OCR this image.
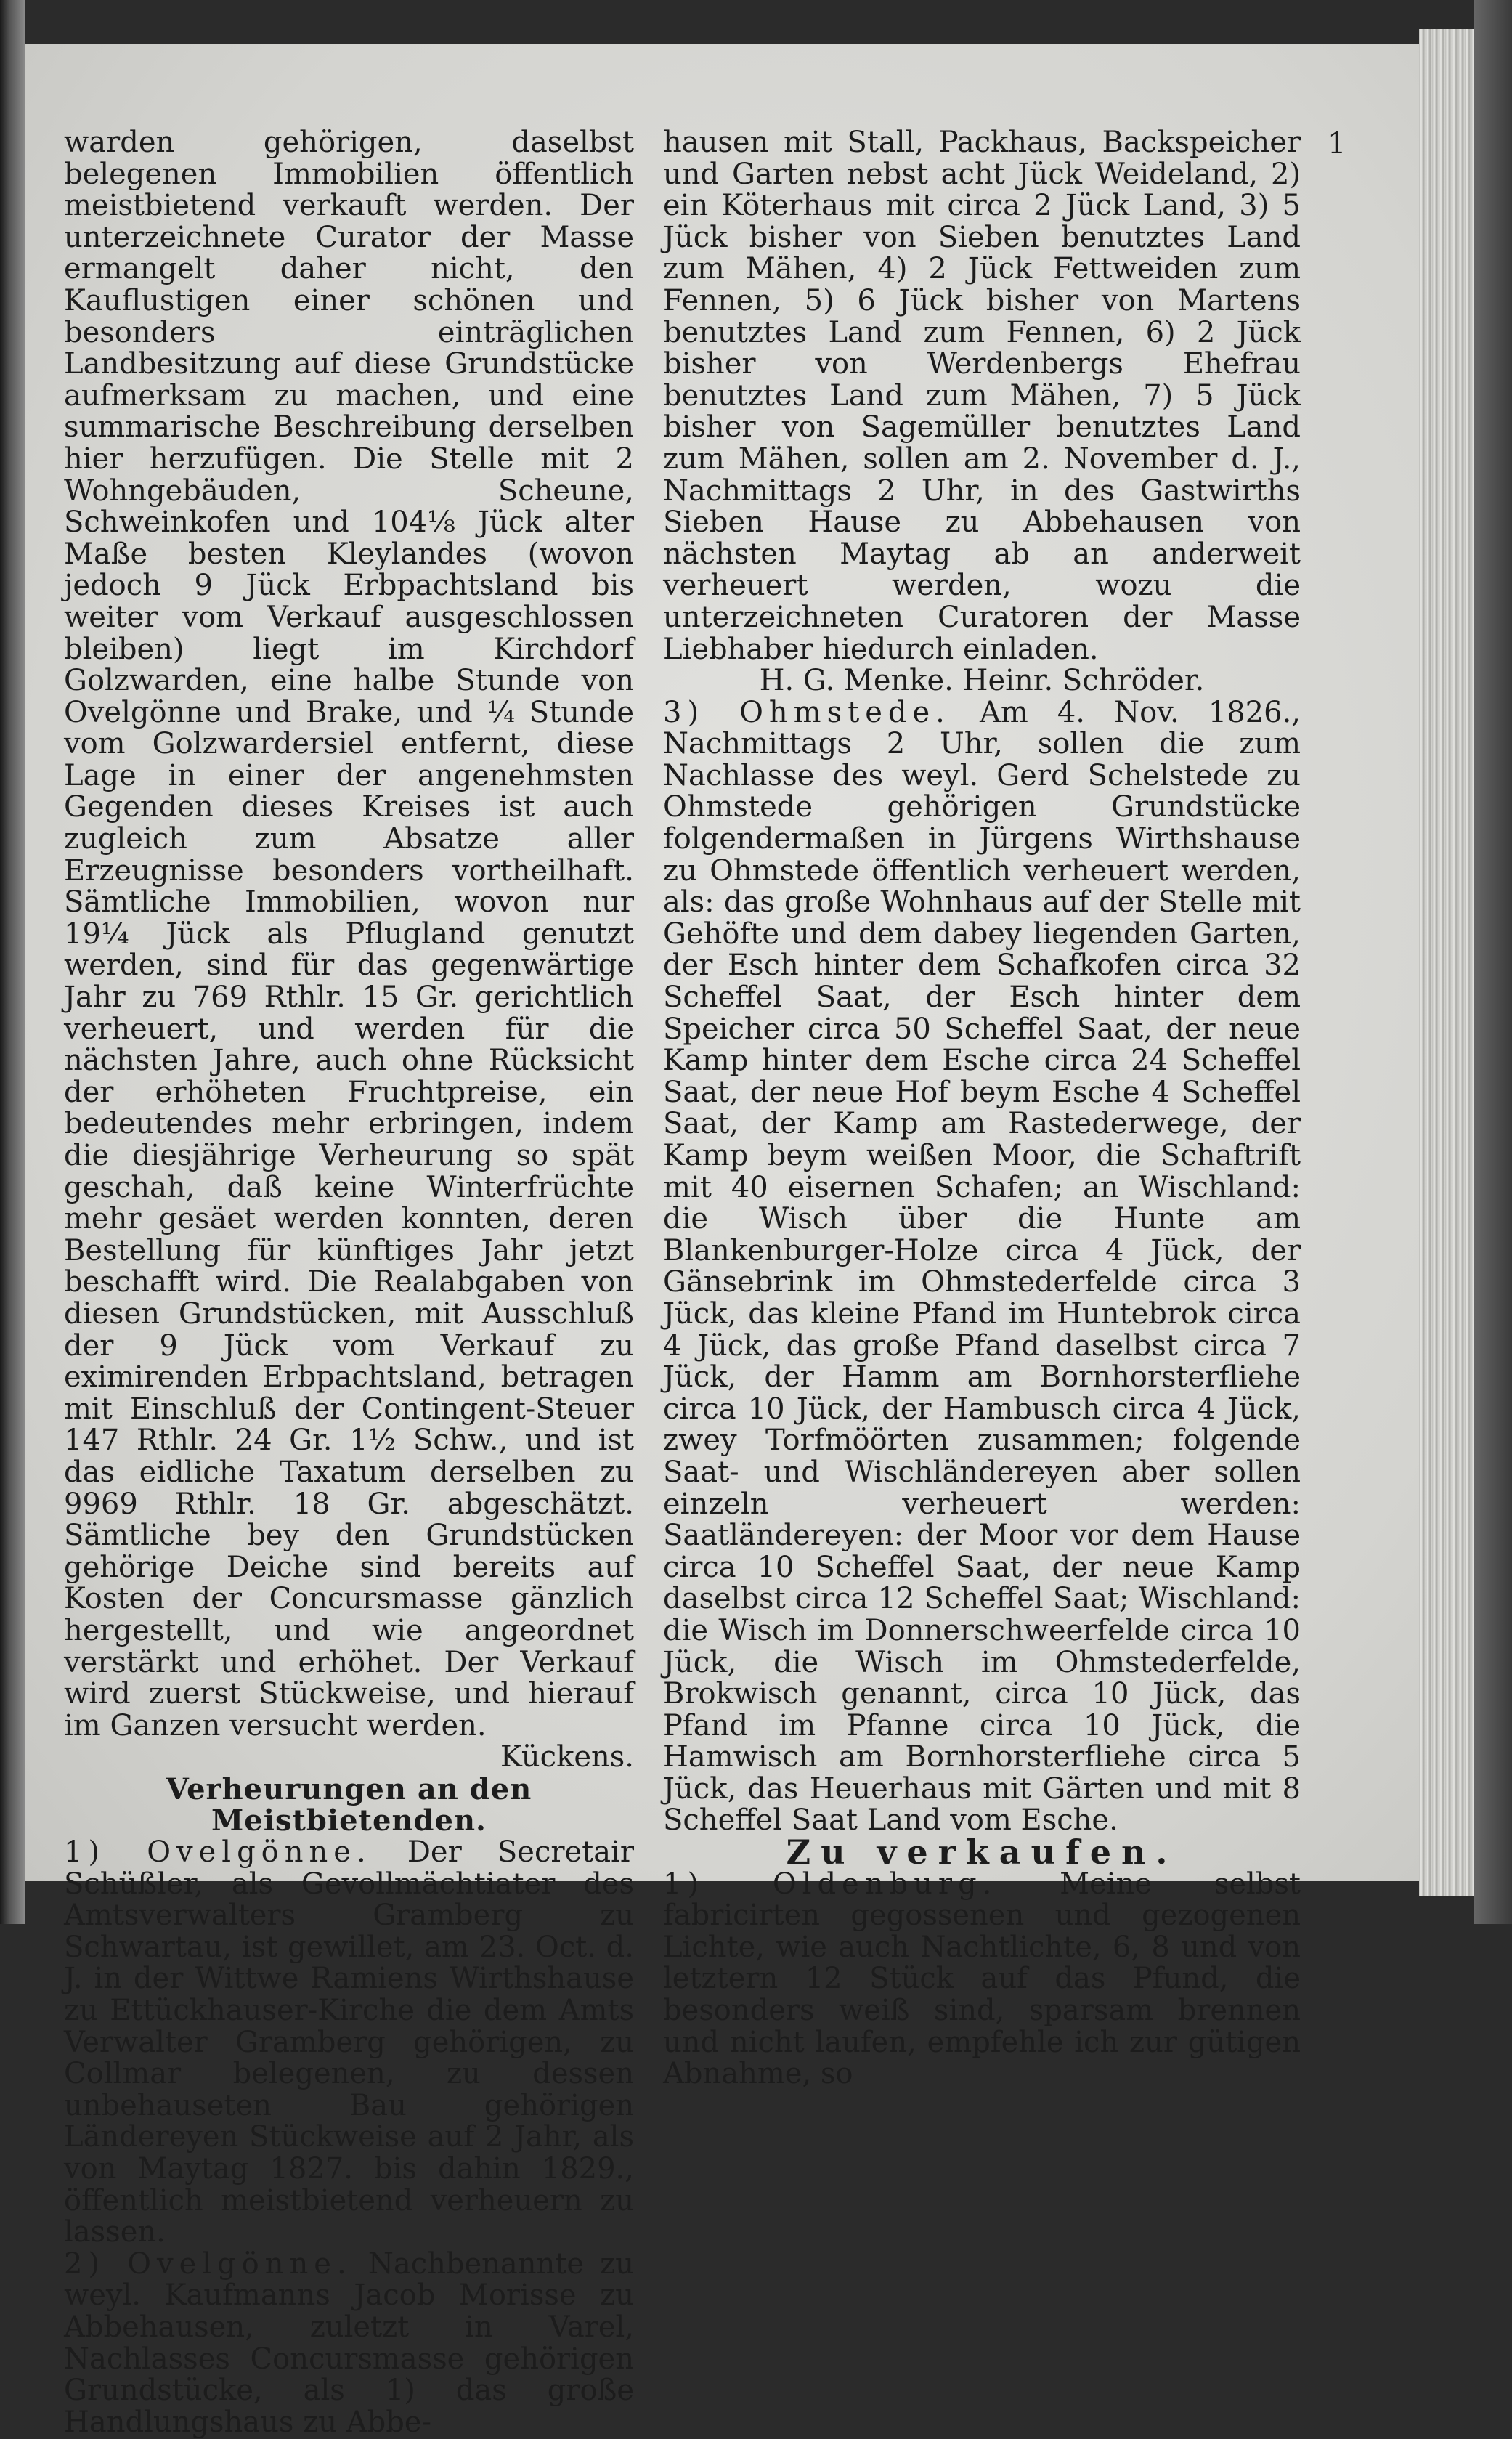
1

warden gehörigen, daselbst belegenen Immobilien öffentlich meistbietend verkauft werden. Der unterzeichnete Curator der Masse ermangelt daher nicht, den Kauflustigen einer schönen und besonders einträglichen Landbesitzung auf diese Grundstücke aufmerksam zu machen, und eine summarische Beschreibung derselben hier herzufügen. Die Stelle mit 2 Wohngebäuden, Scheune, Schweinkofen und 104⅛ Jück alter Maße besten Kleylandes (wovon jedoch 9 Jück Erbpachtsland bis weiter vom Verkauf ausgeschlossen bleiben) liegt im Kirchdorf Golzwarden, eine halbe Stunde von Ovelgönne und Brake, und ¼ Stunde vom Golzwardersiel entfernt, diese Lage in einer der angenehmsten Gegenden dieses Kreises ist auch zugleich zum Absatze aller Erzeugnisse besonders vortheilhaft. Sämtliche Immobilien, wovon nur 19¼ Jück als Pflugland genutzt werden, sind für das gegenwärtige Jahr zu 769 Rthlr. 15 Gr. gerichtlich verheuert, und werden für die nächsten Jahre, auch ohne Rücksicht der erhöheten Fruchtpreise, ein bedeutendes mehr erbringen, indem die diesjährige Verheurung so spät geschah, daß keine Winterfrüchte mehr gesäet werden konnten, deren Bestellung für künftiges Jahr jetzt beschafft wird. Die Realabgaben von diesen Grundstücken, mit Ausschluß der 9 Jück vom Verkauf zu eximirenden Erbpachtsland, betragen mit Einschluß der Contingent-Steuer 147 Rthlr. 24 Gr. 1½ Schw., und ist das eidliche Taxatum derselben zu 9969 Rthlr. 18 Gr. abgeschätzt. Sämtliche bey den Grundstücken gehörige Deiche sind bereits auf Kosten der Concursmasse gänzlich hergestellt, und wie angeordnet verstärkt und erhöhet. Der Verkauf wird zuerst Stückweise, und hierauf im Ganzen versucht werden.

Kückens.

Verheurungen an den Meistbietenden.

1) Ovelgönne. Der Secretair Schüßler, als Gevollmächtiater des Amtsverwalters Gramberg zu Schwartau, ist gewillet, am 23. Oct. d. J. in der Wittwe Ramiens Wirthshause zu Ettückhauser-Kirche die dem Amts Verwalter Gramberg gehörigen, zu Collmar belegenen, zu dessen unbehauseten Bau gehörigen Ländereyen Stückweise auf 2 Jahr, als von Maytag 1827. bis dahin 1829., öffentlich meistbietend verheuern zu lassen.

2) Ovelgönne. Nachbenannte zu weyl. Kaufmanns Jacob Morisse zu Abbehausen, zuletzt in Varel, Nachlasses Concursmasse gehörigen Grundstücke, als 1) das große Handlungshaus zu Abbe-

hausen mit Stall, Packhaus, Backspeicher und Garten nebst acht Jück Weideland, 2) ein Köterhaus mit circa 2 Jück Land, 3) 5 Jück bisher von Sieben benutztes Land zum Mähen, 4) 2 Jück Fettweiden zum Fennen, 5) 6 Jück bisher von Martens benutztes Land zum Fennen, 6) 2 Jück bisher von Werdenbergs Ehefrau benutztes Land zum Mähen, 7) 5 Jück bisher von Sagemüller benutztes Land zum Mähen, sollen am 2. November d. J., Nachmittags 2 Uhr, in des Gastwirths Sieben Hause zu Abbehausen von nächsten Maytag ab an anderweit verheuert werden, wozu die unterzeichneten Curatoren der Masse Liebhaber hiedurch einladen.

H. G. Menke. Heinr. Schröder.

3) Ohmstede. Am 4. Nov. 1826., Nachmittags 2 Uhr, sollen die zum Nachlasse des weyl. Gerd Schelstede zu Ohmstede gehörigen Grundstücke folgendermaßen in Jürgens Wirthshause zu Ohmstede öffentlich verheuert werden, als: das große Wohnhaus auf der Stelle mit Gehöfte und dem dabey liegenden Garten, der Esch hinter dem Schafkofen circa 32 Scheffel Saat, der Esch hinter dem Speicher circa 50 Scheffel Saat, der neue Kamp hinter dem Esche circa 24 Scheffel Saat, der neue Hof beym Esche 4 Scheffel Saat, der Kamp am Rastederwege, der Kamp beym weißen Moor, die Schaftrift mit 40 eisernen Schafen; an Wischland: die Wisch über die Hunte am Blankenburger-Holze circa 4 Jück, der Gänsebrink im Ohmstederfelde circa 3 Jück, das kleine Pfand im Huntebrok circa 4 Jück, das große Pfand daselbst circa 7 Jück, der Hamm am Bornhorsterfliehe circa 10 Jück, der Hambusch circa 4 Jück, zwey Torfmöörten zusammen; folgende Saat- und Wischländereyen aber sollen einzeln verheuert werden: Saatländereyen: der Moor vor dem Hause circa 10 Scheffel Saat, der neue Kamp daselbst circa 12 Scheffel Saat; Wischland: die Wisch im Donnerschweerfelde circa 10 Jück, die Wisch im Ohmstederfelde, Brokwisch genannt, circa 10 Jück, das Pfand im Pfanne circa 10 Jück, die Hamwisch am Bornhorsterfliehe circa 5 Jück, das Heuerhaus mit Gärten und mit 8 Scheffel Saat Land vom Esche.

Zu verkaufen.

1) Oldenburg. Meine selbst fabricirten gegossenen und gezogenen Lichte, wie auch Nachtlichte, 6, 8 und von letztern 12 Stück auf das Pfund, die besonders weiß sind, sparsam brennen und nicht laufen, empfehle ich zur gütigen Abnahme, so
